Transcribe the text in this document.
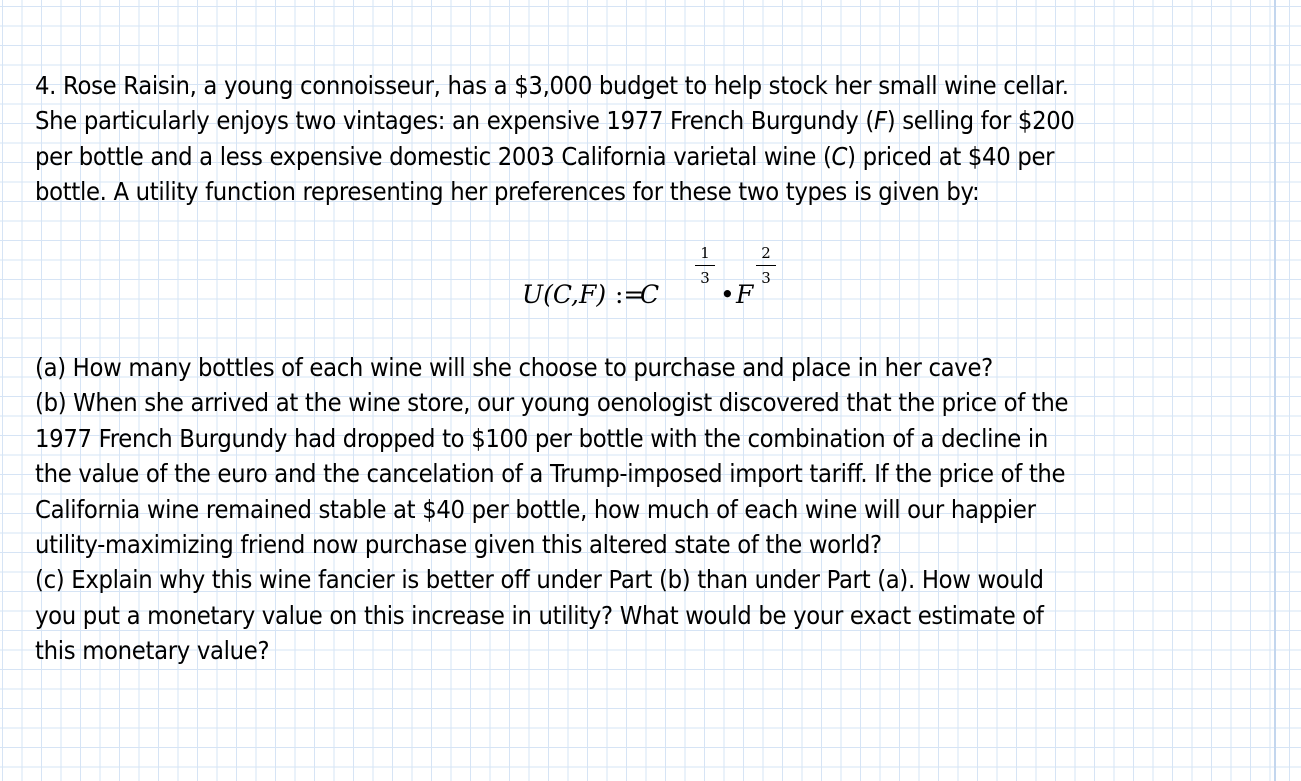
4. Rose Raisin, a young connoisseur, has a $3,000 budget to help stock her small wine cellar.
She particularly enjoys two vintages: an expensive 1977 French Burgundy (F) selling for $200
per bottle and a less expensive domestic 2003 California varietal wine (C) priced at $40 per
bottle. A utility function representing her preferences for these two types is given by:
U(C,F) :=
C
1
3
• F
2
3
(a) How many bottles of each wine will she choose to purchase and place in her cave?
(b) When she arrived at the wine store, our young oenologist discovered that the price of the
1977 French Burgundy had dropped to $100 per bottle with the combination of a decline in
the value of the euro and the cancelation of a Trump-imposed import tariff. If the price of the
California wine remained stable at $40 per bottle, how much of each wine will our happier
utility-maximizing friend now purchase given this altered state of the world?
(c) Explain why this wine fancier is better off under Part (b) than under Part (a). How would
you put a monetary value on this increase in utility? What would be your exact estimate of
this monetary value?
